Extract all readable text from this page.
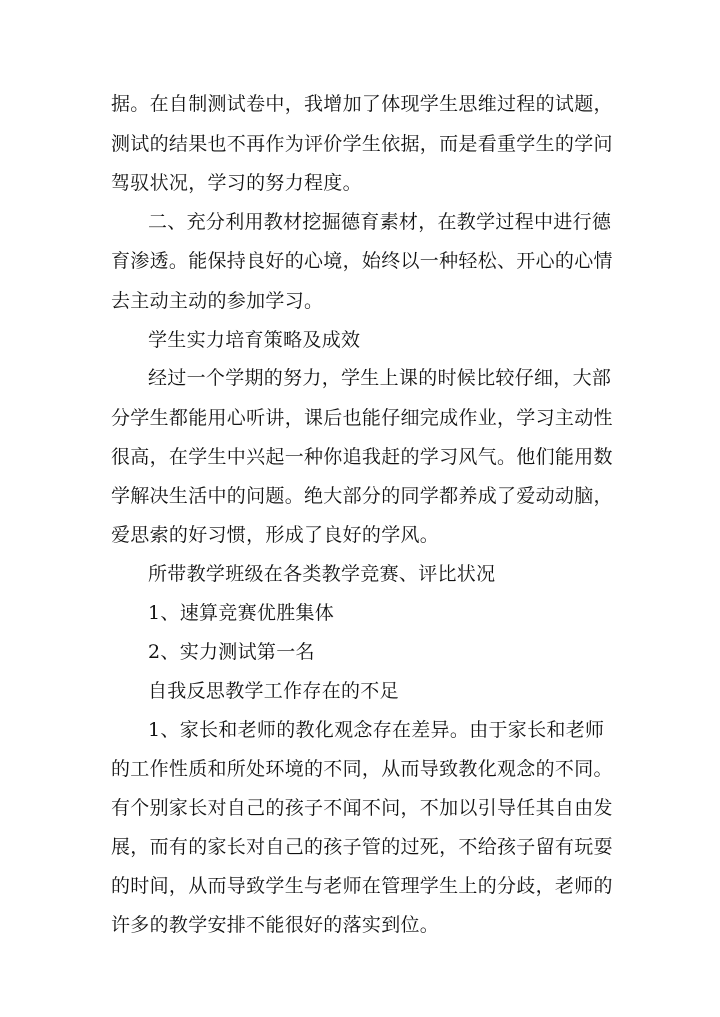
据。在自制测试卷中，我增加了体现学生思维过程的试题，
测试的结果也不再作为评价学生依据，而是看重学生的学问
驾驭状况，学习的努力程度。
二、充分利用教材挖掘德育素材，在教学过程中进行德
育渗透。能保持良好的心境，始终以一种轻松、开心的心情
去主动主动的参加学习。
学生实力培育策略及成效
经过一个学期的努力，学生上课的时候比较仔细，大部
分学生都能用心听讲，课后也能仔细完成作业，学习主动性
很高，在学生中兴起一种你追我赶的学习风气。他们能用数
学解决生活中的问题。绝大部分的同学都养成了爱动动脑，
爱思索的好习惯，形成了良好的学风。
所带教学班级在各类教学竞赛、评比状况
1、速算竞赛优胜集体
2、实力测试第一名
自我反思教学工作存在的不足
1、家长和老师的教化观念存在差异。由于家长和老师
的工作性质和所处环境的不同，从而导致教化观念的不同。
有个别家长对自己的孩子不闻不问，不加以引导任其自由发
展，而有的家长对自己的孩子管的过死，不给孩子留有玩耍
的时间，从而导致学生与老师在管理学生上的分歧，老师的
许多的教学安排不能很好的落实到位。
